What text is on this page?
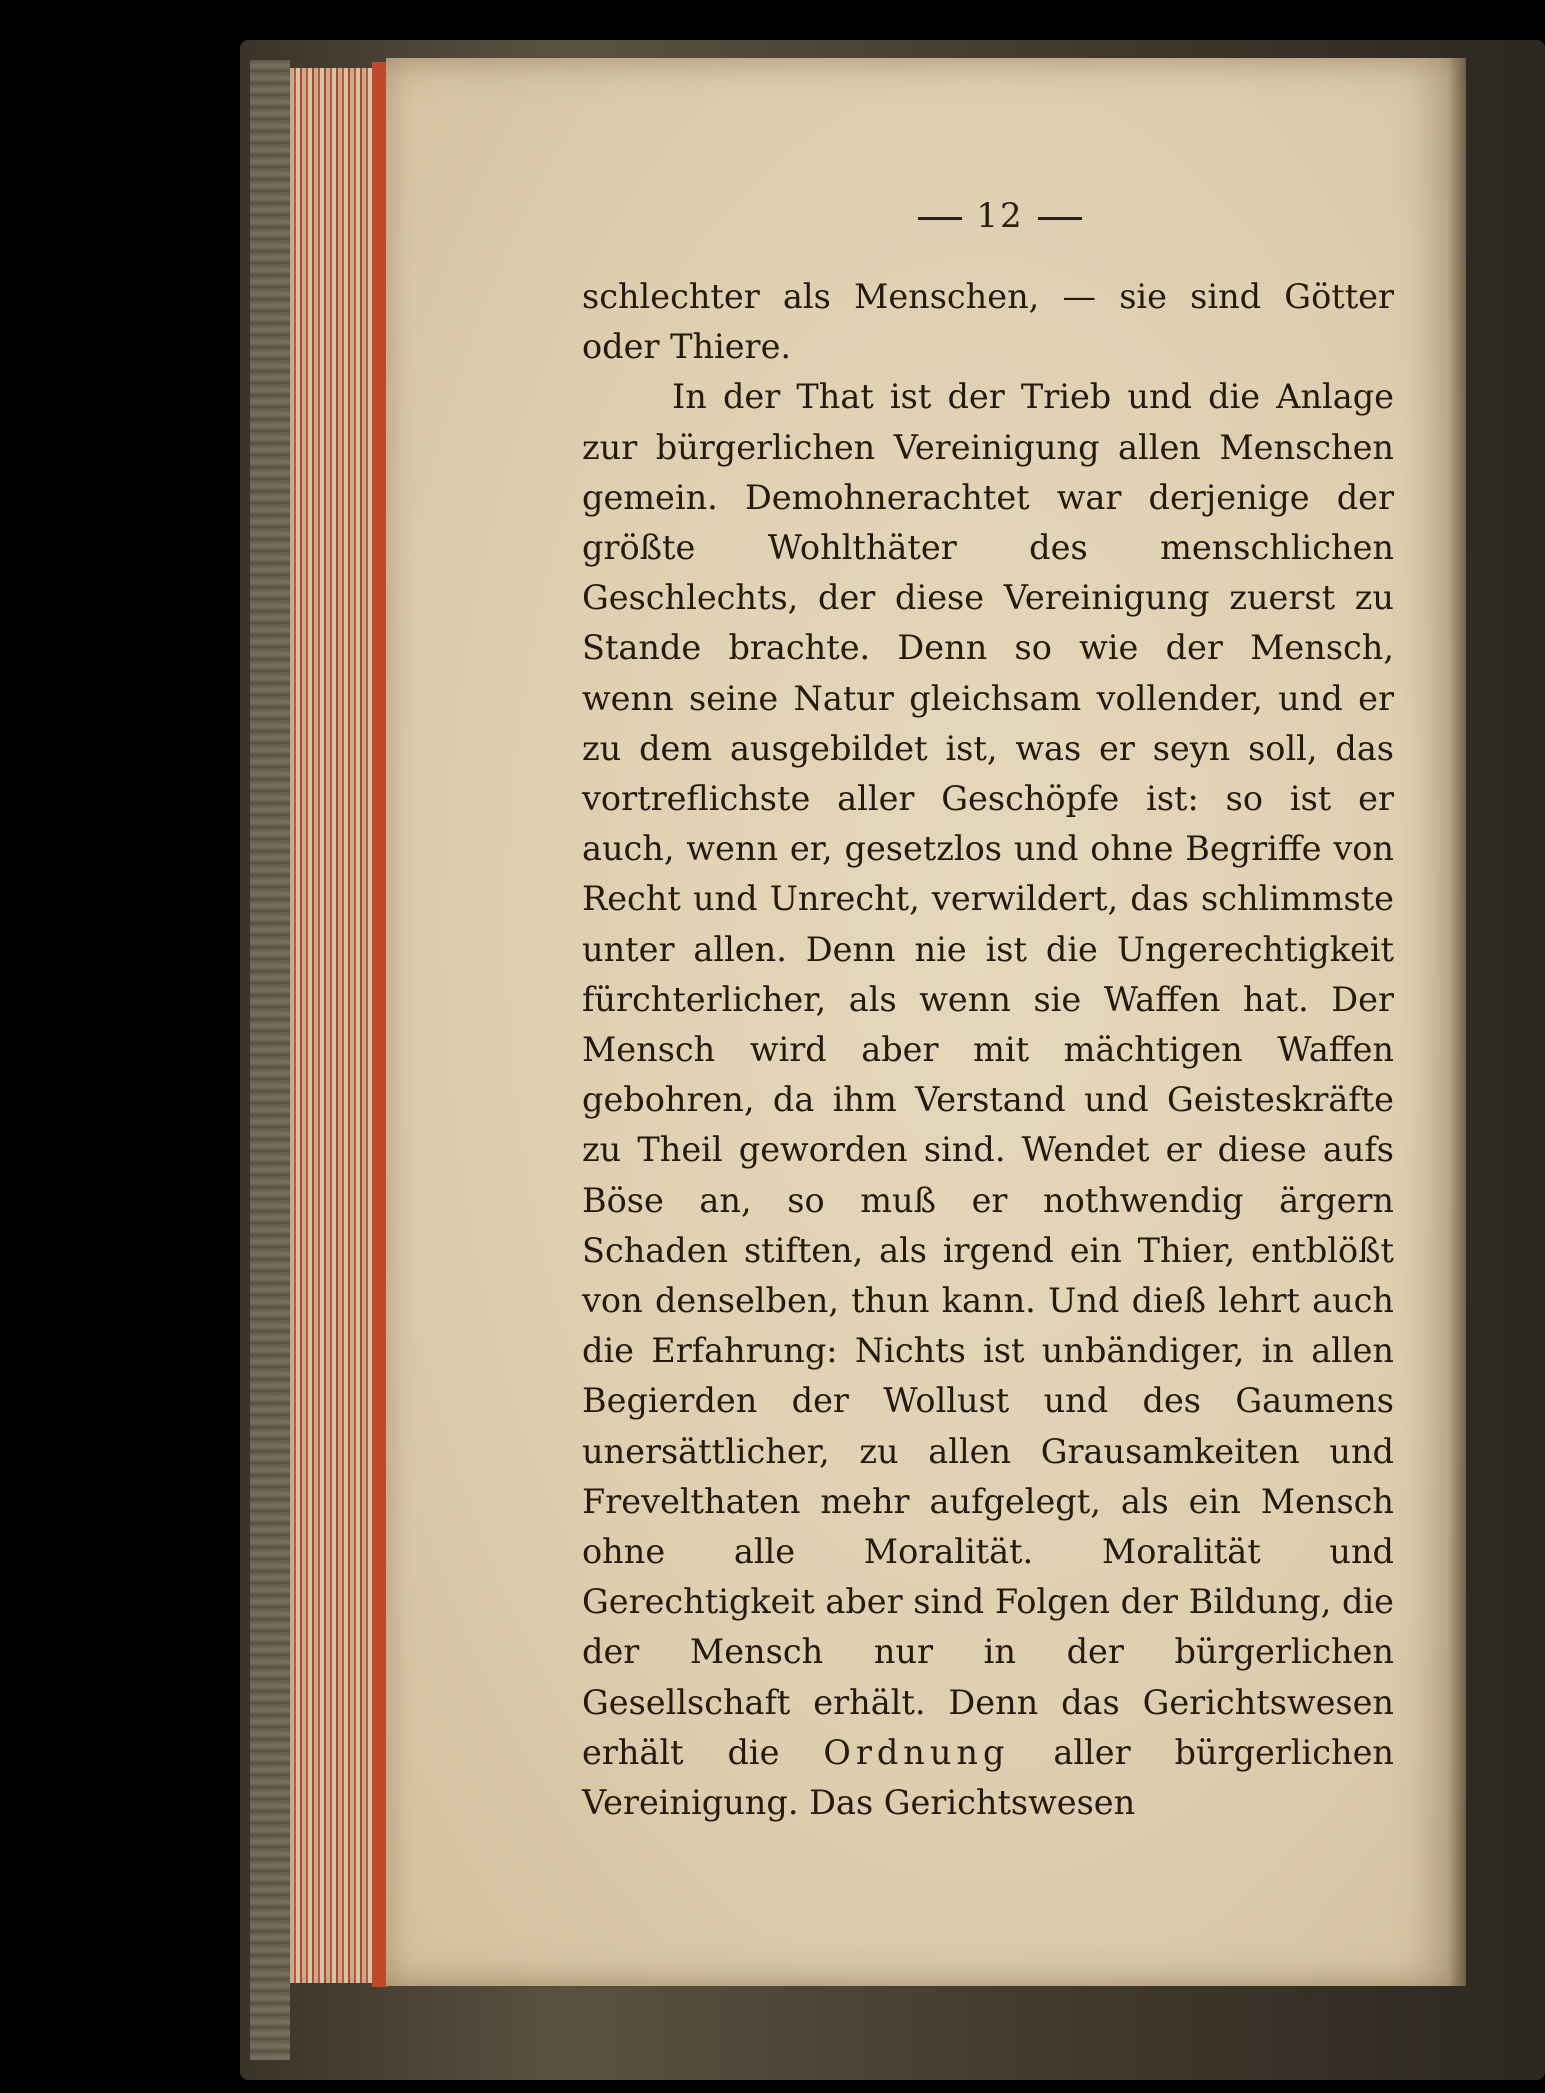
12

schlechter als Menschen, — sie sind Götter oder Thiere.

In der That ist der Trieb und die Anlage zur bürgerlichen Vereinigung allen Menschen gemein. Demohnerachtet war derjenige der größte Wohlthäter des menschlichen Geschlechts, der diese Vereinigung zuerst zu Stande brachte. Denn so wie der Mensch, wenn seine Natur gleichsam vollender, und er zu dem ausgebildet ist, was er seyn soll, das vortreflichste aller Geschöpfe ist: so ist er auch, wenn er, gesetzlos und ohne Begriffe von Recht und Unrecht, verwildert, das schlimmste unter allen. Denn nie ist die Ungerechtigkeit fürchterlicher, als wenn sie Waffen hat. Der Mensch wird aber mit mächtigen Waffen gebohren, da ihm Verstand und Geisteskräfte zu Theil geworden sind. Wendet er diese aufs Böse an, so muß er nothwendig ärgern Schaden stiften, als irgend ein Thier, entblößt von denselben, thun kann. Und dieß lehrt auch die Erfahrung: Nichts ist unbändiger, in allen Begierden der Wollust und des Gaumens unersättlicher, zu allen Grausamkeiten und Frevelthaten mehr aufgelegt, als ein Mensch ohne alle Moralität. Moralität und Gerechtigkeit aber sind Folgen der Bildung, die der Mensch nur in der bürgerlichen Gesellschaft erhält. Denn das Gerichtswesen erhält die Ordnung aller bürgerlichen Vereinigung. Das Gerichtswesen
